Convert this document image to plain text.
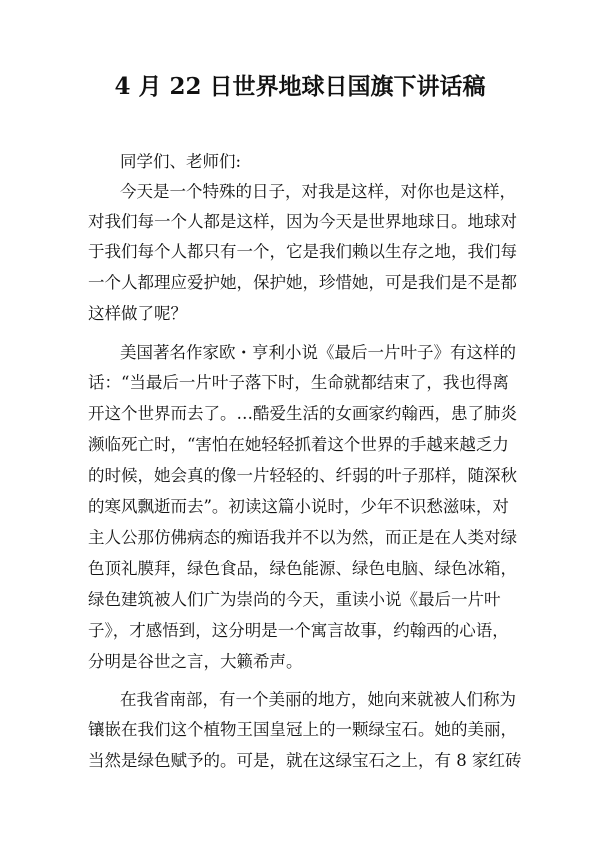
4 月 22 日世界地球日国旗下讲话稿
同学们、老师们:
今天是一个特殊的日子，对我是这样，对你也是这样，
对我们每一个人都是这样，因为今天是世界地球日。地球对
于我们每个人都只有一个，它是我们赖以生存之地，我们每
一个人都理应爱护她，保护她，珍惜她，可是我们是不是都
这样做了呢？
美国著名作家欧・亨利小说《最后一片叶子》有这样的
话：“当最后一片叶子落下时，生命就都结束了，我也得离
开这个世界而去了。…酷爱生活的女画家约翰西，患了肺炎
濒临死亡时，“害怕在她轻轻抓着这个世界的手越来越乏力
的时候，她会真的像一片轻轻的、纤弱的叶子那样，随深秋
的寒风飘逝而去”。初读这篇小说时，少年不识愁滋味，对
主人公那仿佛病态的痴语我并不以为然，而正是在人类对绿
色顶礼膜拜，绿色食品，绿色能源、绿色电脑、绿色冰箱，
绿色建筑被人们广为崇尚的今天，重读小说《最后一片叶
子》，才感悟到，这分明是一个寓言故事，约翰西的心语，
分明是谷世之言，大籁希声。
在我省南部，有一个美丽的地方，她向来就被人们称为
镶嵌在我们这个植物王国皇冠上的一颗绿宝石。她的美丽，
当然是绿色赋予的。可是，就在这绿宝石之上，有 8 家红砖
